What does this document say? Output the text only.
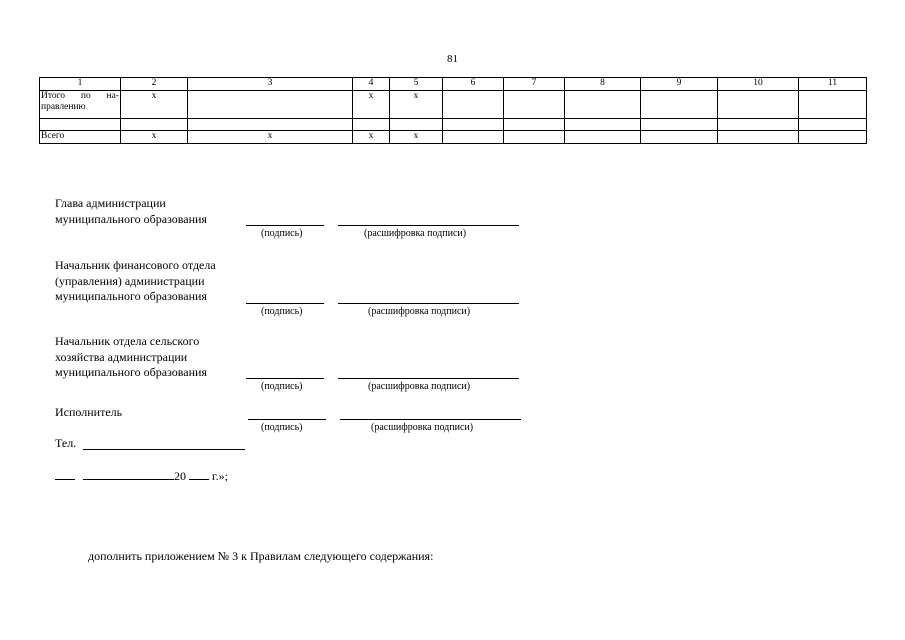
81
1	2	3	4	5	6	7	8	9	10	11
Итого по на-правлению	х		х	х						

Всего	х	х	х	х						
Глава администрации
муниципального образования
(подпись)	(расшифровка подписи)
Начальник финансового отдела
(управления) администрации
муниципального образования
(подпись)	(расшифровка подписи)
Начальник отдела сельского
хозяйства администрации
муниципального образования
(подпись)	(расшифровка подписи)
Исполнитель
(подпись)	(расшифровка подписи)
Тел.
20 г.»;
дополнить приложением № 3 к Правилам следующего содержания:
